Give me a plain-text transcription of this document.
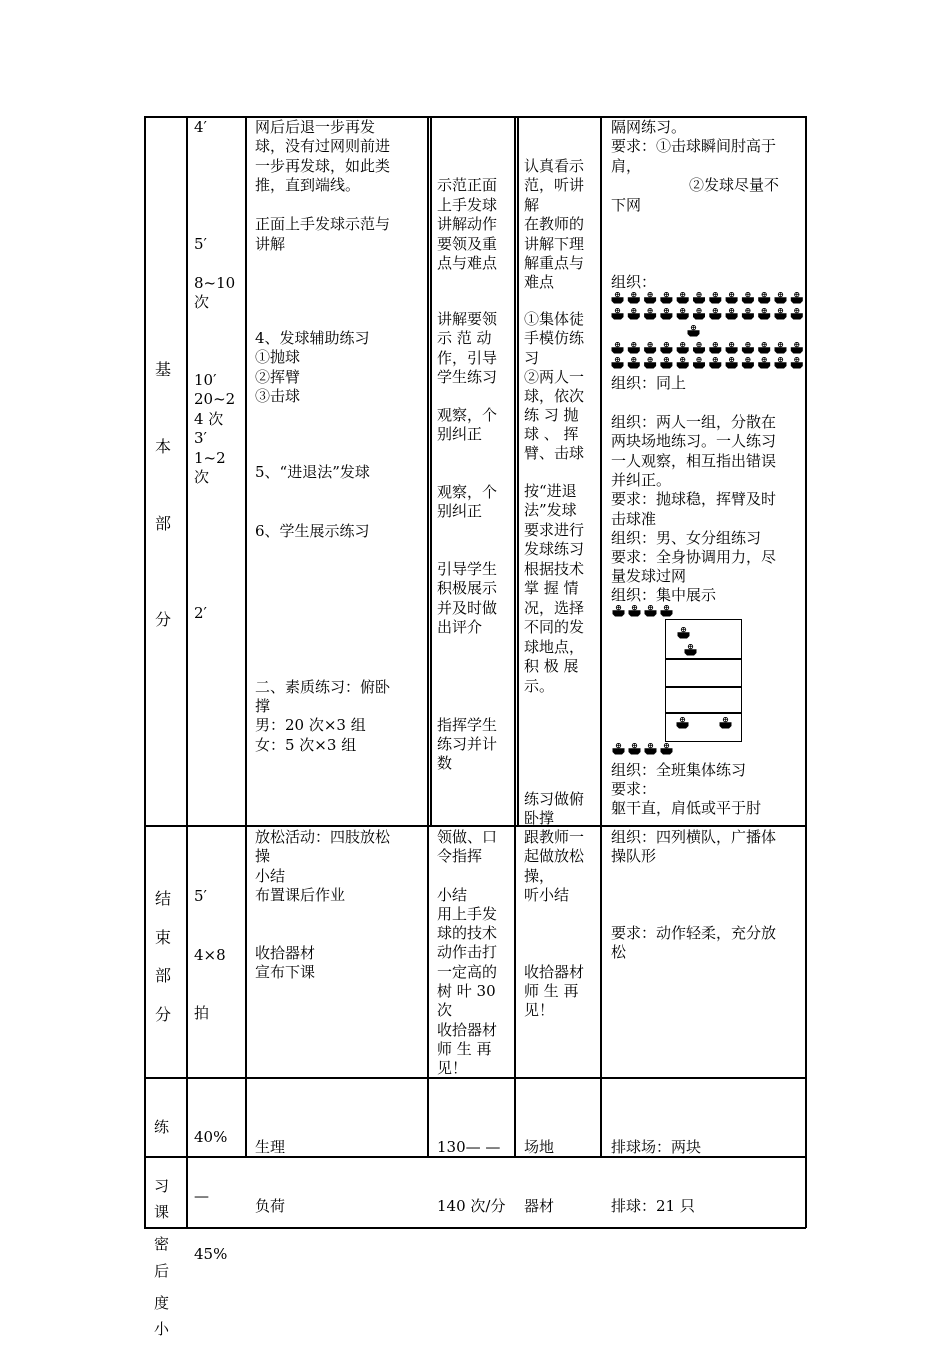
基
本
部
分

4′

5′

8~10

次

10′

20~2

4 次

3′

1~2

次

2′

网后后退一步再发

球，没有过网则前进

一步再发球，如此类

推，直到端线。

正面上手发球示范与

讲解

4、发球辅助练习

①抛球

②挥臂

③击球

5、“进退法”发球

6、学生展示练习

二、素质练习：俯卧

撑

男：20 次×3 组

女：5 次×3 组

示范正面

上手发球

讲解动作

要领及重

点与难点

讲解要领

示 范 动

作，引导

学生练习

观察，个

别纠正

观察，个

别纠正

引导学生

积极展示

并及时做

出评介

指挥学生

练习并计

数

认真看示

范，听讲

解

在教师的

讲解下理

解重点与

难点

①集体徒

手模仿练

习

②两人一

球，依次

练 习 抛

球 、 挥

臂、击球

按“进退

法”发球

要求进行

发球练习

根据技术

掌 握 情

况，选择

不同的发

球地点，

积 极 展

示。

练习做俯

卧撑

隔网练习。

要求：①击球瞬间肘高于

肩，

②发球尽量不

下网

组织：

组织：同上

组织：两人一组，分散在

两块场地练习。一人练习

一人观察，相互指出错误

并纠正。

要求：抛球稳，挥臂及时

击球准

组织：男、女分组练习

要求：全身协调用力，尽

量发球过网

组织：集中展示

组织：全班集体练习

要求：

躯干直，肩低或平于肘

结
束
部
分

5′

4×8

拍

放松活动：四肢放松

操

小结

布置课后作业

收拾器材

宣布下课

领做、口

令指挥

小结

用上手发

球的技术

动作击打

一定高的

树 叶 30

次

收拾器材

师 生 再

见！

跟教师一

起做放松

操，

听小结

收拾器材

师 生 再

见！

组织：四列横队，广播体

操队形

要求：动作轻柔，充分放

松

练

习

密

度

40%

—

45%

生理

负荷

130— —

140 次/分

场地

器材

排球场：两块

排球：21 只

课

后

小
